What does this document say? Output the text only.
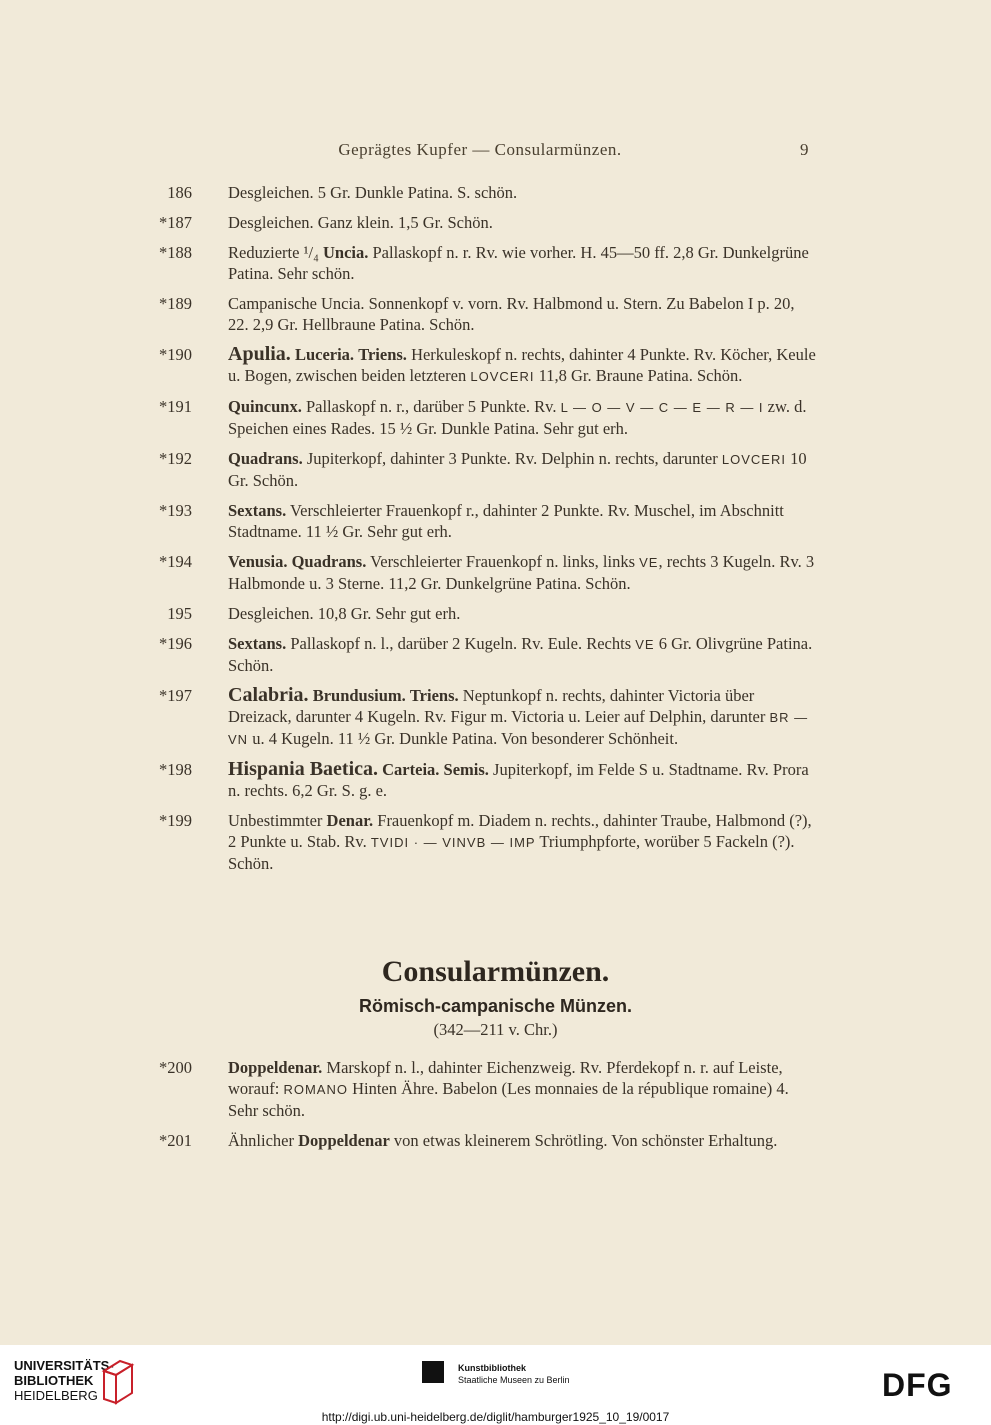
Geprägtes Kupfer — Consularmünzen.	9
186 Desgleichen. 5 Gr. Dunkle Patina. S. schön.
*187 Desgleichen. Ganz klein. 1,5 Gr. Schön.
*188 Reduzierte ¹/₄ Uncia. Pallaskopf n. r. Rv. wie vorher. H. 45—50 ff. 2,8 Gr. Dunkelgrüne Patina. Sehr schön.
*189 Campanische Uncia. Sonnenkopf v. vorn. Rv. Halbmond u. Stern. Zu Babelon I p. 20, 22. 2,9 Gr. Hellbraune Patina. Schön.
*190 Apulia. Luceria. Triens. Herkuleskopf n. rechts, dahinter 4 Punkte. Rv. Köcher, Keule u. Bogen, zwischen beiden letzteren LOVCERI 11,8 Gr. Braune Patina. Schön.
*191 Quincunx. Pallaskopf n. r., darüber 5 Punkte. Rv. L — O — V — C — E — R — I zw. d. Speichen eines Rades. 15 ½ Gr. Dunkle Patina. Sehr gut erh.
*192 Quadrans. Jupiterkopf, dahinter 3 Punkte. Rv. Delphin n. rechts, darunter LOVCERI 10 Gr. Schön.
*193 Sextans. Verschleierter Frauenkopf r., dahinter 2 Punkte. Rv. Muschel, im Abschnitt Stadtname. 11 ½ Gr. Sehr gut erh.
*194 Venusia. Quadrans. Verschleierter Frauenkopf n. links, links VE, rechts 3 Kugeln. Rv. 3 Halbmonde u. 3 Sterne. 11,2 Gr. Dunkelgrüne Patina. Schön.
195 Desgleichen. 10,8 Gr. Sehr gut erh.
*196 Sextans. Pallaskopf n. l., darüber 2 Kugeln. Rv. Eule. Rechts VE 6 Gr. Olivgrüne Patina. Schön.
*197 Calabria. Brundusium. Triens. Neptunkopf n. rechts, dahinter Victoria über Dreizack, darunter 4 Kugeln. Rv. Figur m. Victoria u. Leier auf Delphin, darunter BR — VN u. 4 Kugeln. 11 ½ Gr. Dunkle Patina. Von besonderer Schönheit.
*198 Hispania Baetica. Carteia. Semis. Jupiterkopf, im Felde S u. Stadtname. Rv. Prora n. rechts. 6,2 Gr. S. g. e.
*199 Unbestimmter Denar. Frauenkopf m. Diadem n. rechts., dahinter Traube, Halbmond (?), 2 Punkte u. Stab. Rv. TVIDI · — VINVB — IMP Triumphpforte, worüber 5 Fackeln (?). Schön.
Consularmünzen.
Römisch-campanische Münzen.
(342—211 v. Chr.)
*200 Doppeldenar. Marskopf n. l., dahinter Eichenzweig. Rv. Pferdekopf n. r. auf Leiste, worauf: ROMANO Hinten Ähre. Babelon (Les monnaies de la république romaine) 4. Sehr schön.
*201 Ähnlicher Doppeldenar von etwas kleinerem Schrötling. Von schönster Erhaltung.
UNIVERSITÄTS-
BIBLIOTHEK
HEIDELBERG
Kunstbibliothek
Staatliche Museen zu Berlin	DFG
http://digi.ub.uni-heidelberg.de/diglit/hamburger1925_10_19/0017
